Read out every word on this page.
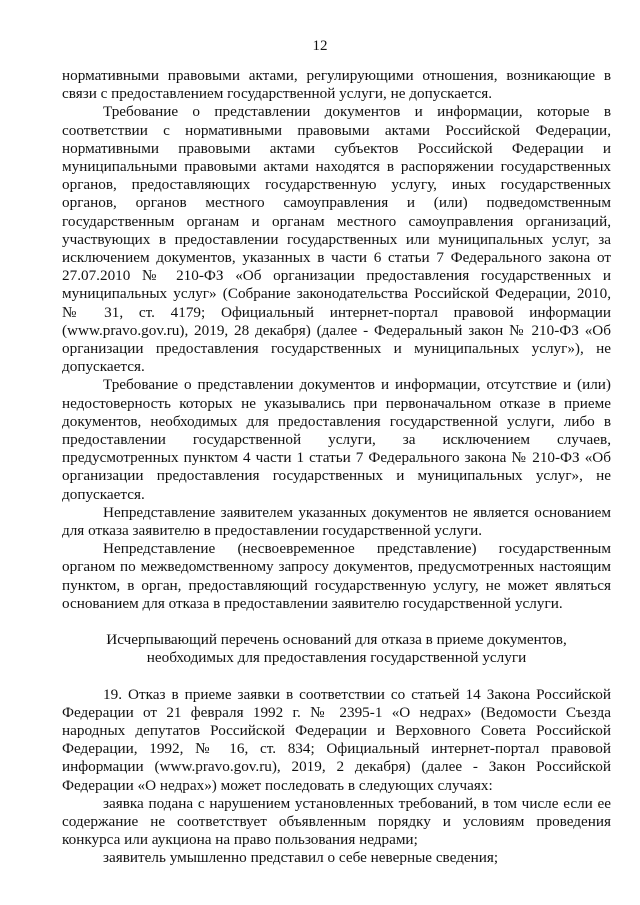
12

нормативными правовыми актами, регулирующими отношения, возникающие в связи с предоставлением государственной услуги, не допускается.

Требование о представлении документов и информации, которые в соответствии с нормативными правовыми актами Российской Федерации, нормативными правовыми актами субъектов Российской Федерации и муниципальными правовыми актами находятся в распоряжении государственных органов, предоставляющих государственную услугу, иных государственных органов, органов местного самоуправления и (или) подведомственным государственным органам и органам местного самоуправления организаций, участвующих в предоставлении государственных или муниципальных услуг, за исключением документов, указанных в части 6 статьи 7 Федерального закона от 27.07.2010 № 210-ФЗ «Об организации предоставления государственных и муниципальных услуг» (Собрание законодательства Российской Федерации, 2010, № 31, ст. 4179; Официальный интернет-портал правовой информации (www.pravo.gov.ru), 2019, 28 декабря) (далее - Федеральный закон № 210-ФЗ «Об организации предоставления государственных и муниципальных услуг»), не допускается.

Требование о представлении документов и информации, отсутствие и (или) недостоверность которых не указывались при первоначальном отказе в приеме документов, необходимых для предоставления государственной услуги, либо в предоставлении государственной услуги, за исключением случаев, предусмотренных пунктом 4 части 1 статьи 7 Федерального закона № 210-ФЗ «Об организации предоставления государственных и муниципальных услуг», не допускается.

Непредставление заявителем указанных документов не является основанием для отказа заявителю в предоставлении государственной услуги.

Непредставление (несвоевременное представление) государственным органом по межведомственному запросу документов, предусмотренных настоящим пунктом, в орган, предоставляющий государственную услугу, не может являться основанием для отказа в предоставлении заявителю государственной услуги.

Исчерпывающий перечень оснований для отказа в приеме документов,
необходимых для предоставления государственной услуги

19. Отказ в приеме заявки в соответствии со статьей 14 Закона Российской Федерации от 21 февраля 1992 г. № 2395-1 «О недрах» (Ведомости Съезда народных депутатов Российской Федерации и Верховного Совета Российской Федерации, 1992, № 16, ст. 834; Официальный интернет-портал правовой информации (www.pravo.gov.ru), 2019, 2 декабря) (далее - Закон Российской Федерации «О недрах») может последовать в следующих случаях:

заявка подана с нарушением установленных требований, в том числе если ее содержание не соответствует объявленным порядку и условиям проведения конкурса или аукциона на право пользования недрами;

заявитель умышленно представил о себе неверные сведения;
